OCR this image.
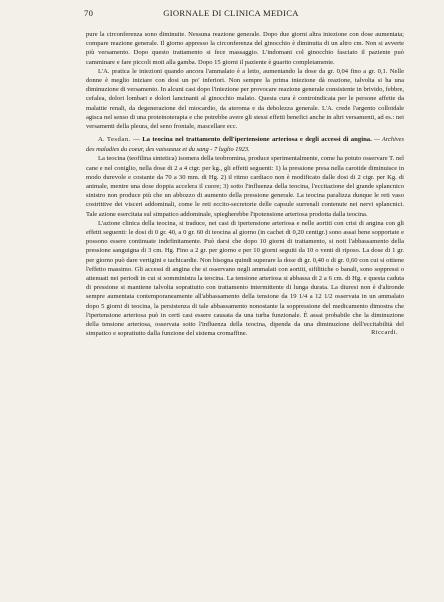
70	GIORNALE DI CLINICA MEDICA

pure la circonferenza sono diminuite. Nessuna reazione generale. Dopo due giorni altra iniezione con dose aumentata; compare reazione generale. Il giorno appresso la circonferenza del ginocchio è diminuita di un altro cm. Non si avverte più versamento. Dopo questo trattamento si fece massaggio. L'indomani col ginocchio fasciato il paziente può camminare e fare piccoli moti alla gamba. Dopo 15 giorni il paziente è guarito completamente.

L'A. pratica le iniezioni quando ancora l'ammalato è a letto, aumentando la dose da gr. 0,04 fino a gr. 0,1. Nelle donne è meglio iniziare con dosi un po' inferiori. Non sempre la prima iniezione dà reazione, talvolta si ha una diminuzione di versamento. In alcuni casi dopo l'iniezione per provocare reazione generale consistente in brivido, febbre, cefalea, dolori lombari e dolori lancinanti al ginocchio malato. Questa cura è controindicata per le persone affette da malattie renali, da degenerazione del miocardio, da ateroma e da debolezza generale. L'A. crede l'argento colloidale agisca nel senso di una proteinoterapia e che potrebbe avere gli stessi effetti benefici anche in altri versamenti, ad es.: nei versamenti della pleura, del seno frontale, mascellare ecc.

A. Tesdan. — La teocina nel trattamento dell'ipertensione arteriosa e degli accessi di angina. — Archives des maladies du coeur, des vaisseaux et du sang - 7 luglio 1923.

La teocina (teofilina sintetica) isomera della teobromina, produce sperimentalmente, come ha potuto osservare T. nel cane e nel coniglio, nella dose di 2 a 4 ctgr. per kg., gli effetti seguenti: 1) la pressione presa nella carotide diminuisce in modo durevole e costante da 70 a 30 mm. di Hg. 2) il ritmo cardiaco non è modificato dalle dosi di 2 ctgr. per Kg. di animale, mentre una dose doppia accelera il cuore; 3) sotto l'influenza della teocina, l'eccitazione del grande splancnico sinistro non produce più che un abbozzo di aumento della pressione generale. La teocina paralizza dunque le reti vaso costrittive dei visceri addominali, come le reti eccito-secretorie delle capsule surrenali contenute nei nervi splancnici. Tale azione esercitata sul simpatico addominale, spiegherebbe l'ipotensione arteriosa prodotta dalla teocina.

L'azione clinica della teocina, si traduce, nei casi di ipertensione arteriosa e nelle aortiti con crisi di angina con gli effetti seguenti: le dosi di 0 gr. 40, a 0 gr. 60 di teocina al giorno (in cachet di 0,20 centigr.) sono assai bene sopportate e possono essere continuate indefinitamente. Può darsi che dopo 10 giorni di trattamento, si noti l'abbassamento della pressione sanguigna di 3 cm. Hg. Fino a 2 gr. per giorno e per 10 giorni seguiti da 10 o venti di riposo. La dose di 1 gr. per giorno può dare vertigini e tachicardie. Non bisogna quindi superare la dose di gr. 0,40 o di gr. 0,60 con cui si ottiene l'effetto massimo. Gli accessi di angina che si osservano negli ammalati con aortiti, sifilitiche o banali, sono soppressi o attenuati nei periodi in cui si somministra la teocina. La tensione arteriosa si abbassa di 2 a 6 cm. di Hg. e questa caduta di pressione si mantiene talvolta soprattutto con trattamento intermittente di lunga durata. La diuresi non è d'altronde sempre aumentata contemporaneamente all'abbassamento della tensione da 19 1/4 a 12 1/2 osservata in un ammalato dopo 5 giorni di teocina, la persistenza di tale abbassamento nonostante la soppressione del medicamento dimostra che l'ipertensione arteriosa può in certi casi essere causata da una turba funzionale. È assai probabile che la diminuzione della tensione arteriosa, osservata sotto l'influenza della teocina, dipenda da una diminuzione dell'eccitabilità del simpatico e soprattutto dalla funzione del sistema cromaffine.	Riccardi.
